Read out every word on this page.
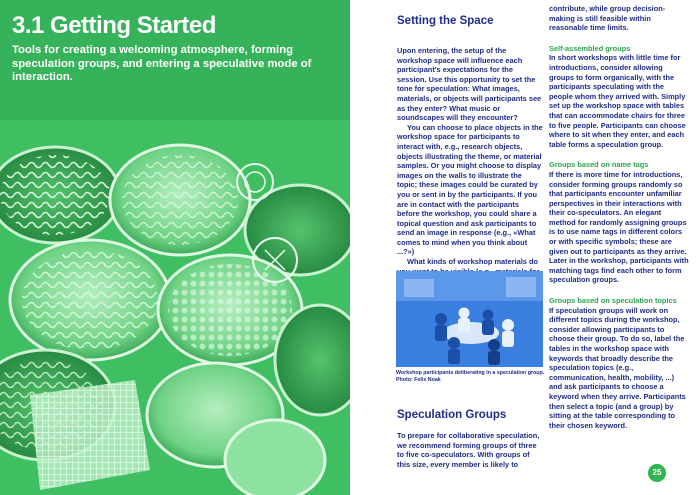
3.1 Getting Started

Tools for creating a welcoming atmosphere, forming speculation groups, and entering a speculative mode of interaction.

Setting the Space

Upon entering, the setup of the workshop space will influence each participant's expectations for the session. Use this opportunity to set the tone for speculation: What images, materials, or objects will participants see as they enter? What music or soundscapes will they encounter?

You can choose to place objects in the workshop space for participants to interact with, e.g., research objects, objects illustrating the theme, or material samples. Or you might choose to display images on the walls to illustrate the topic; these images could be curated by you or sent in by the participants. If you are in contact with the participants before the workshop, you could share a topical question and ask participants to send an image in response (e.g., «What comes to mind when you think about ...?»)

What kinds of workshop materials do

Workshop participants deliberating in a speculation group. Photo: Felix Noak
Speculation Groups

To prepare for collaborative speculation, we recommend forming groups of three to five co-speculators. With groups of this size, every member is likely to

contribute, while group decision-making is still feasible within reasonable time limits.

Self-assembled groups

In short workshops with little time for introductions, consider allowing groups to form organically, with the participants speculating with the people whom they arrived with. Simply set up the workshop space with tables that can accommodate chairs for three to five people. Participants can choose where to sit when they enter, and each table forms a speculation group.

Groups based on name tags

If there is more time for introductions, consider forming groups randomly so that participants encounter unfamiliar perspectives in their interactions with their co-speculators. An elegant method for randomly assigning groups is to use name tags in different colors or with specific symbols; these are given out to participants as they arrive. Later in the workshop, participants with matching tags find each other to form speculation groups.

Groups based on speculation topics

If speculation groups will work on different topics during the workshop, consider allowing participants to choose their group. To do so, label the tables in the workshop space with keywords that broadly describe the speculation topics (e.g., communication, health, mobility, ...) and ask participants to choose a keyword when they arrive. Participants then select a topic (and a group) by sitting at the table corresponding to their chosen keyword.

25
